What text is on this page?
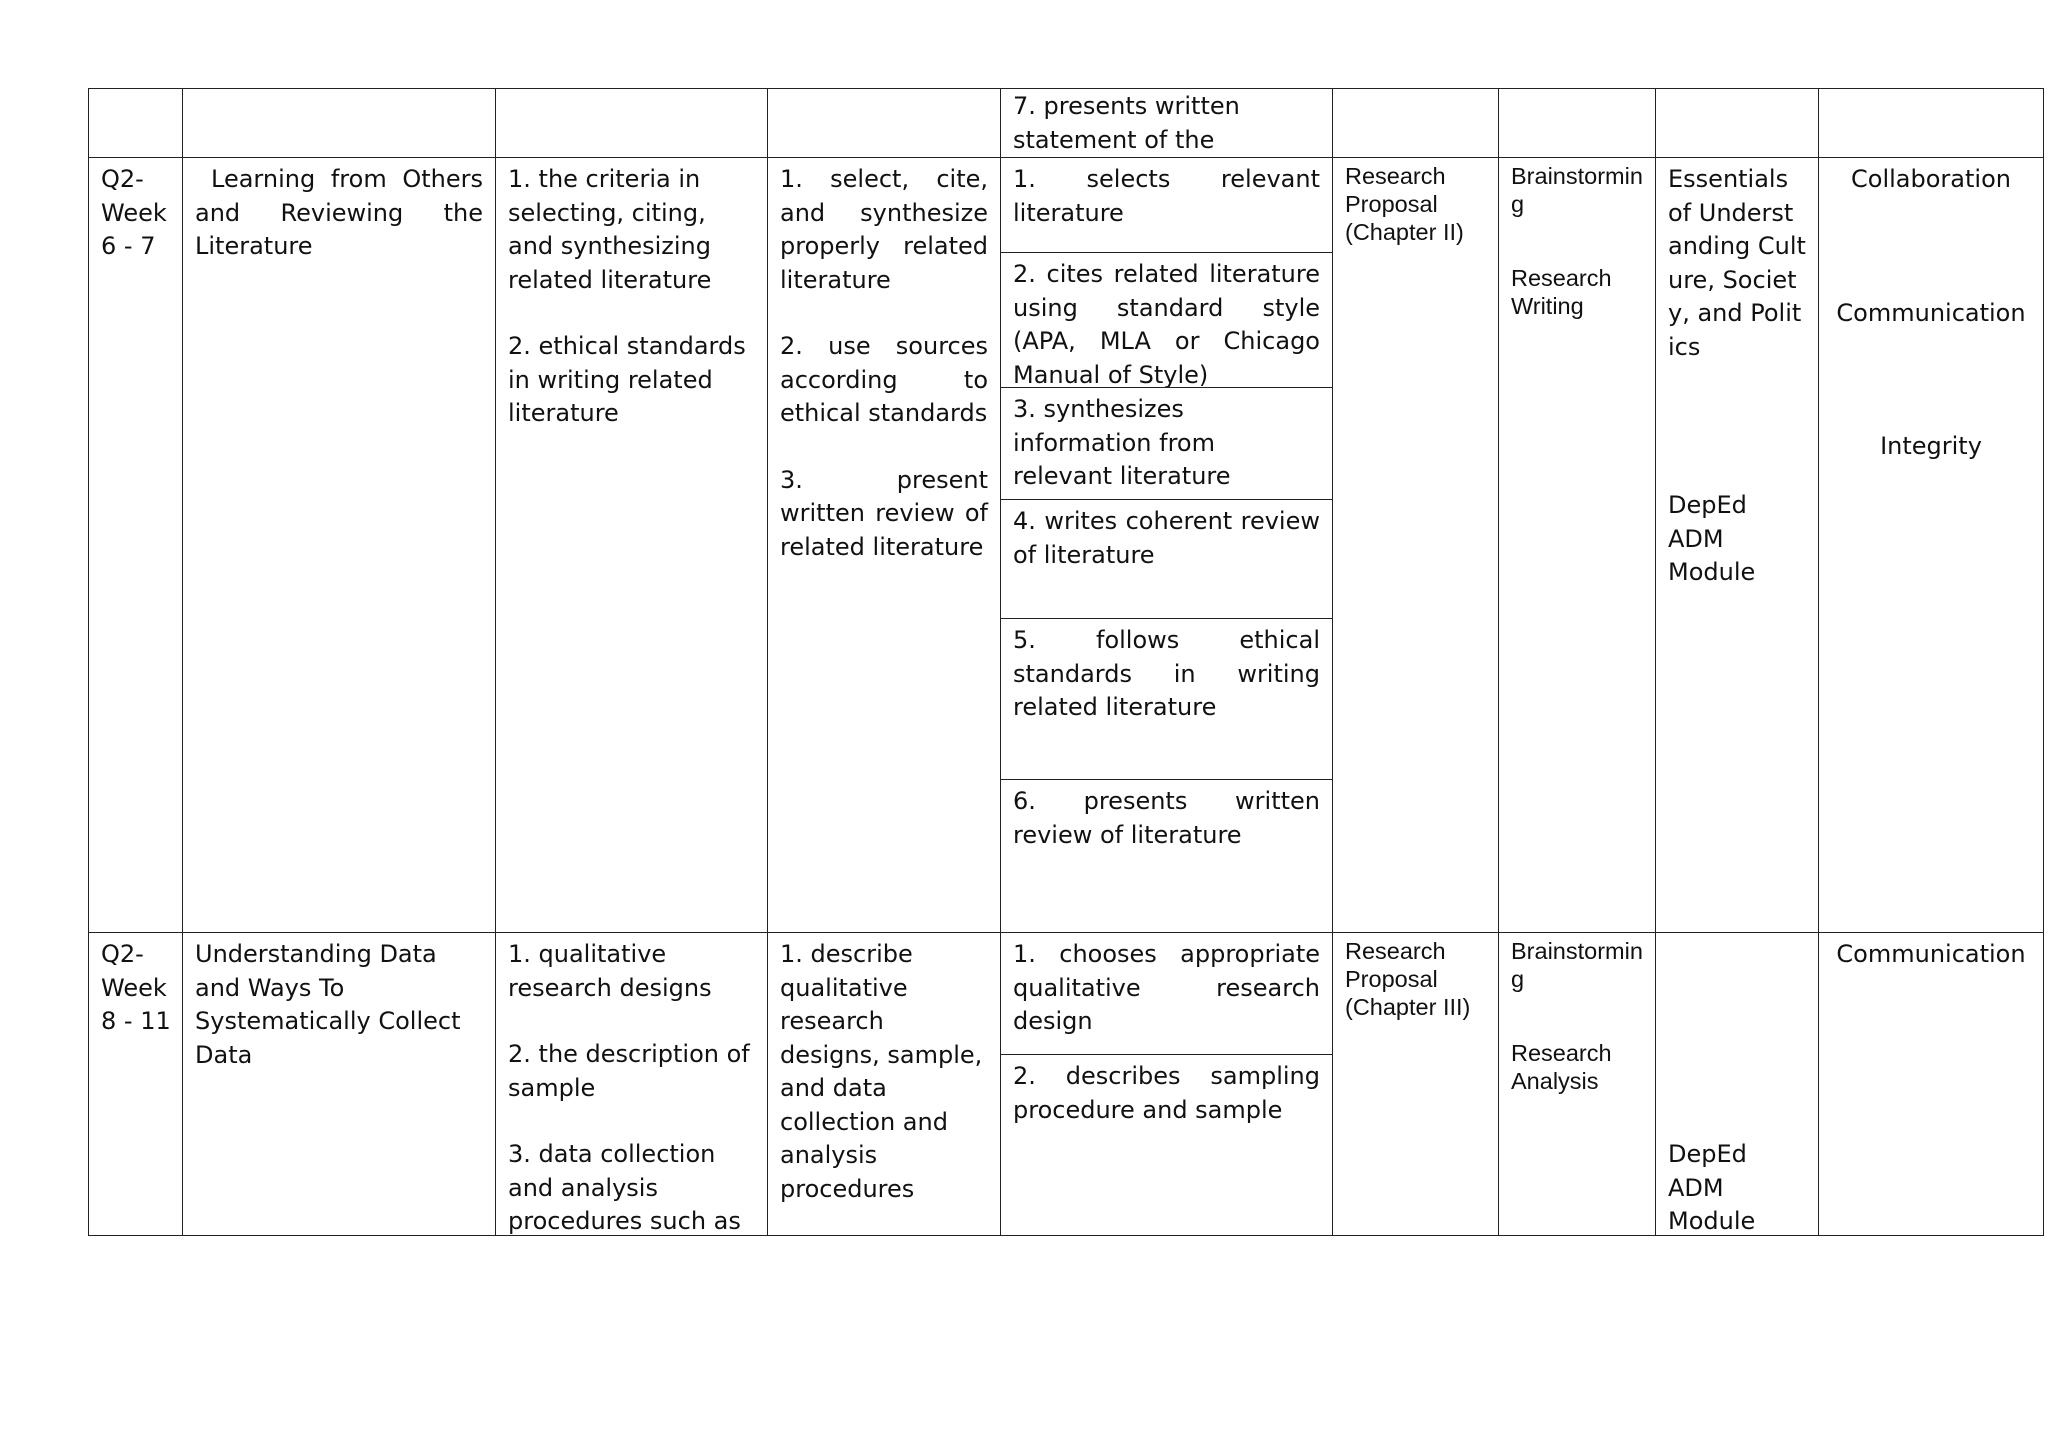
7. presents written statement of the
Q2-
Week
6 - 7
Learning from Others and Reviewing the Literature
1. the criteria in selecting, citing, and synthesizing related literature
2. ethical standards in writing related literature
1. select, cite, and synthesize properly related literature
2. use sources according to ethical standards
3. present written review of related literature
1. selects relevant literature
2. cites related literature using standard style (APA, MLA or Chicago Manual of Style)
3. synthesizes information from relevant literature
4. writes coherent review of literature
5. follows ethical standards in writing related literature
6. presents written review of literature
Research Proposal (Chapter II)
Brainstorming
Research Writing
Essentials of Understanding Culture, Society, and Politics
DepEd ADM Module
Collaboration
Communication
Integrity
Q2-
Week
8 - 11
Understanding Data and Ways To Systematically Collect Data
1. qualitative research designs
2. the description of sample
3. data collection and analysis procedures such as
1. describe qualitative research designs, sample, and data collection and analysis procedures
1. chooses appropriate qualitative research design
2. describes sampling procedure and sample
Research Proposal (Chapter III)
Brainstorming
Research Analysis
DepEd ADM Module
Communication
